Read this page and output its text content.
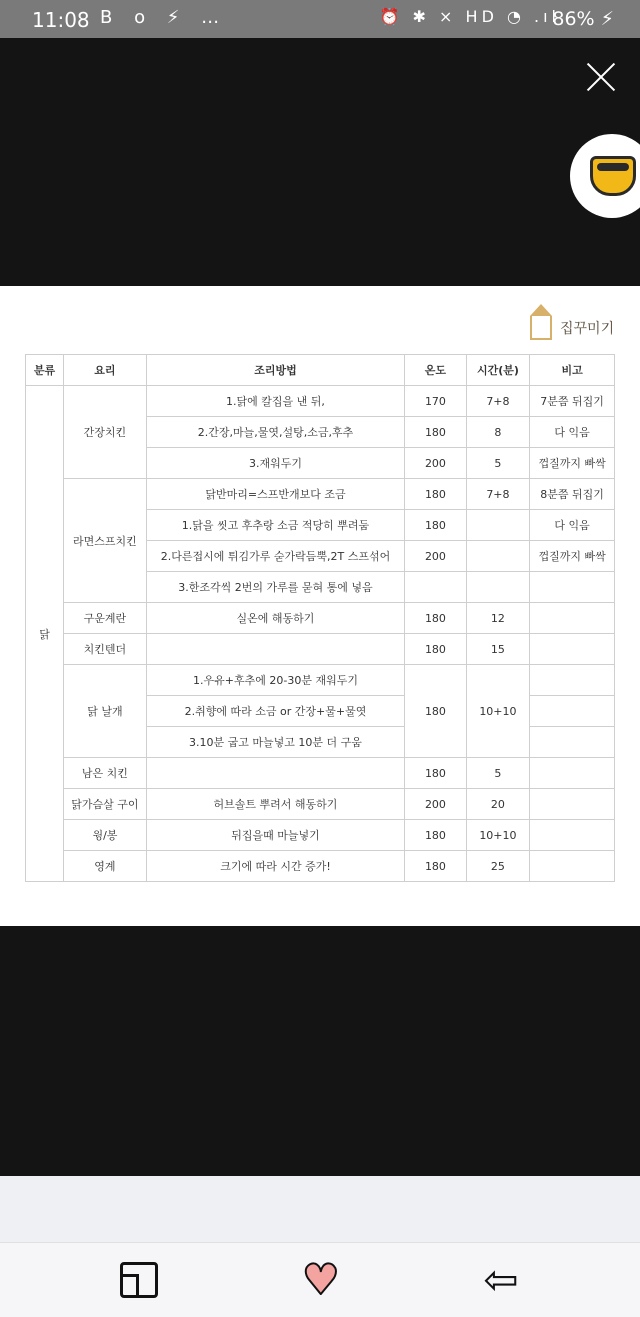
11:08 B o ⚡ …	⏰ ✱ ⨯ HD ◔ .ıl
86% ⚡
집꾸미기
분류	요리	조리방법	온도	시간(분)	비고
닭	간장치킨	1.닭에 칼집을 낸 뒤,	170	7+8	7분쯤 뒤집기
		2.간장,마늘,물엿,설탕,소금,후추	180	8	다 익음
		3.재워두기	200	5	껍질까지 빠싹
	라면스프치킨	닭반마리=스프반개보다 조금	180	7+8	8분쯤 뒤집기
		1.닭을 씻고 후추랑 소금 적당히 뿌려둠	180		다 익음
		2.다른접시에 튀김가루 숟가락듬뿍,2T 스프섞어	200		껍질까지 빠싹
		3.한조각씩 2번의 가루를 묻혀 통에 넣음			
	구운계란	실온에 해동하기	180	12	
	치킨텐더		180	15	
	닭 날개	1.우유+후추에 20-30분 재워두기	180	10+10	
		2.취향에 따라 소금 or 간장+물+물엿			
		3.10분 굽고 마늘넣고 10분 더 구움			
	남은 치킨		180	5	
	닭가슴살 구이	허브솔트 뿌려서 해동하기	200	20	
	윙/봉	뒤집을때 마늘넣기	180	10+10	
	영계	크기에 따라 시간 증가!	180	25	
♥	⇦
